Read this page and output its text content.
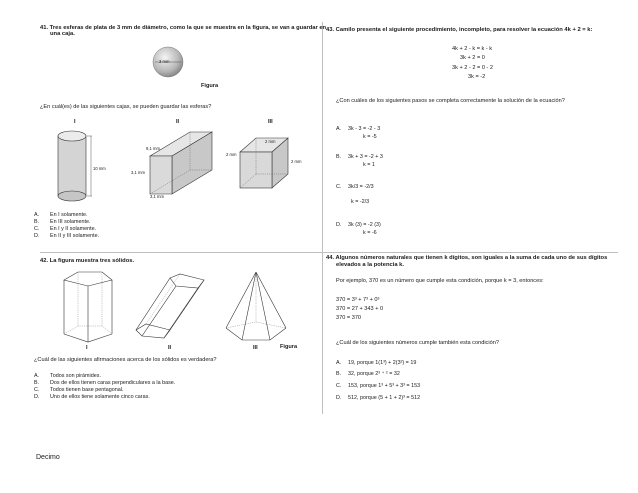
41. Tres esferas de plata de 3 mm de diámetro, como la que se muestra en la figura, se van a guardar en
una caja.
3 mm
Figura
¿En cuál(es) de las siguientes cajas, se pueden guardar las esferas?
I	II	III
10 mm
9,1 mm
3,1 mm
3,1 mm
2 mm
2 mm
2 mm
A. En I solamente.
B. En III solamente.
C. En I y II solamente.
D. En II y III solamente.
42. La figura muestra tres sólidos.
I	II	III	Figura
¿Cuál de las siguientes afirmaciones acerca de los sólidos es verdadera?
A. Todos son pirámides.
B. Dos de ellos tienen caras perpendiculares a la base.
C. Todos tienen base pentagonal.
D. Uno de ellos tiene solamente cinco caras.
43. Camilo presenta el siguiente procedimiento, incompleto, para resolver la ecuación 4k + 2 = k:
4k + 2 - k = k - k
3k + 2 = 0
3k + 2 - 2 = 0 - 2
3k = -2
¿Con cuáles de los siguientes pasos se completa correctamente la solución de la ecuación?
A. 3k - 3 = -2 - 3
k = -5
B. 3k + 3 = -2 + 3
k = 1
C. 3k/3 = -2/3
k = -2/3
D. 3k (3) = -2 (3)
k = -6
44. Algunos números naturales que tienen k dígitos, son iguales a la suma de cada uno de sus dígitos
elevados a la potencia k.
Por ejemplo, 370 es un número que cumple esta condición, porque k = 3, entonces:
370 = 3³ + 7³ + 0³
370 = 27 + 343 + 0
370 = 370
¿Cuál de los siguientes números cumple también esta condición?
A. 19, porque 1(1³) + 2(3²) = 19
B. 32, porque 2³ ⁺ ² = 32
C. 153, porque 1³ + 5³ + 3³ = 153
D. 512, porque (5 + 1 + 2)³ = 512
Decimo
